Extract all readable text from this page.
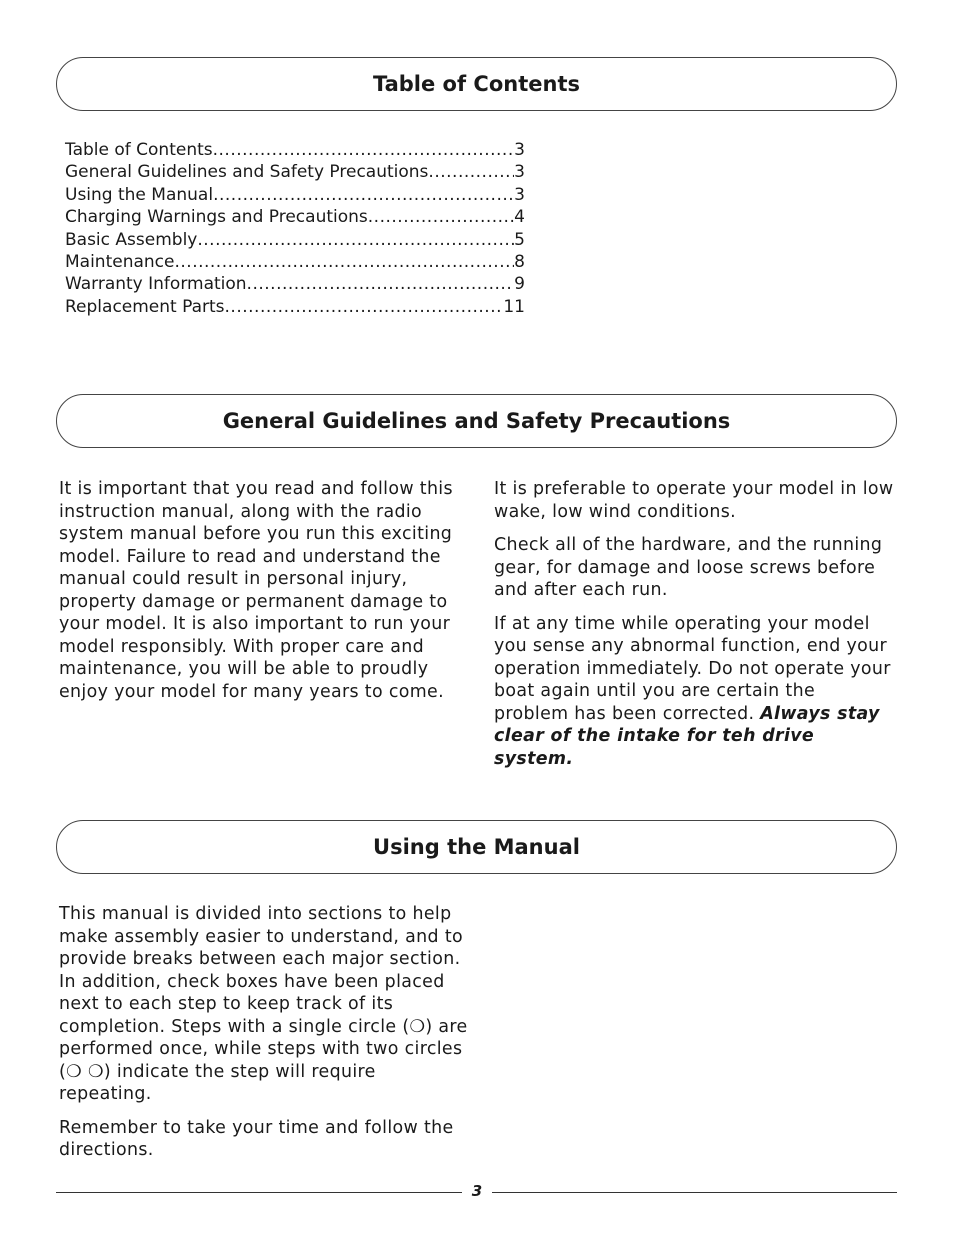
Table of Contents
Table of Contents .....	3
General Guidelines and Safety Precautions .....	3
Using the Manual .....	3
Charging Warnings and Precautions .....	4
Basic Assembly .....	5
Maintenance .....	8
Warranty Information .....	9
Replacement Parts .....	11
General Guidelines and Safety Precautions

It is important that you read and follow this instruction manual, along with the radio system manual before you run this exciting model. Failure to read and understand the manual could result in personal injury, property damage or permanent damage to your model. It is also important to run your model responsibly. With proper care and maintenance, you will be able to proudly enjoy your model for many years to come.

It is preferable to operate your model in low wake, low wind conditions.

Check all of the hardware, and the running gear, for damage and loose screws before and after each run.

If at any time while operating your model you sense any abnormal function, end your operation immediately. Do not operate your boat again until you are certain the problem has been corrected. Always stay clear of the intake for teh drive system.

Using the Manual

This manual is divided into sections to help make assembly easier to understand, and to provide breaks between each major section. In addition, check boxes have been placed next to each step to keep track of its completion. Steps with a single circle (❍) are performed once, while steps with two circles (❍ ❍) indicate the step will require repeating.

Remember to take your time and follow the directions.

3
